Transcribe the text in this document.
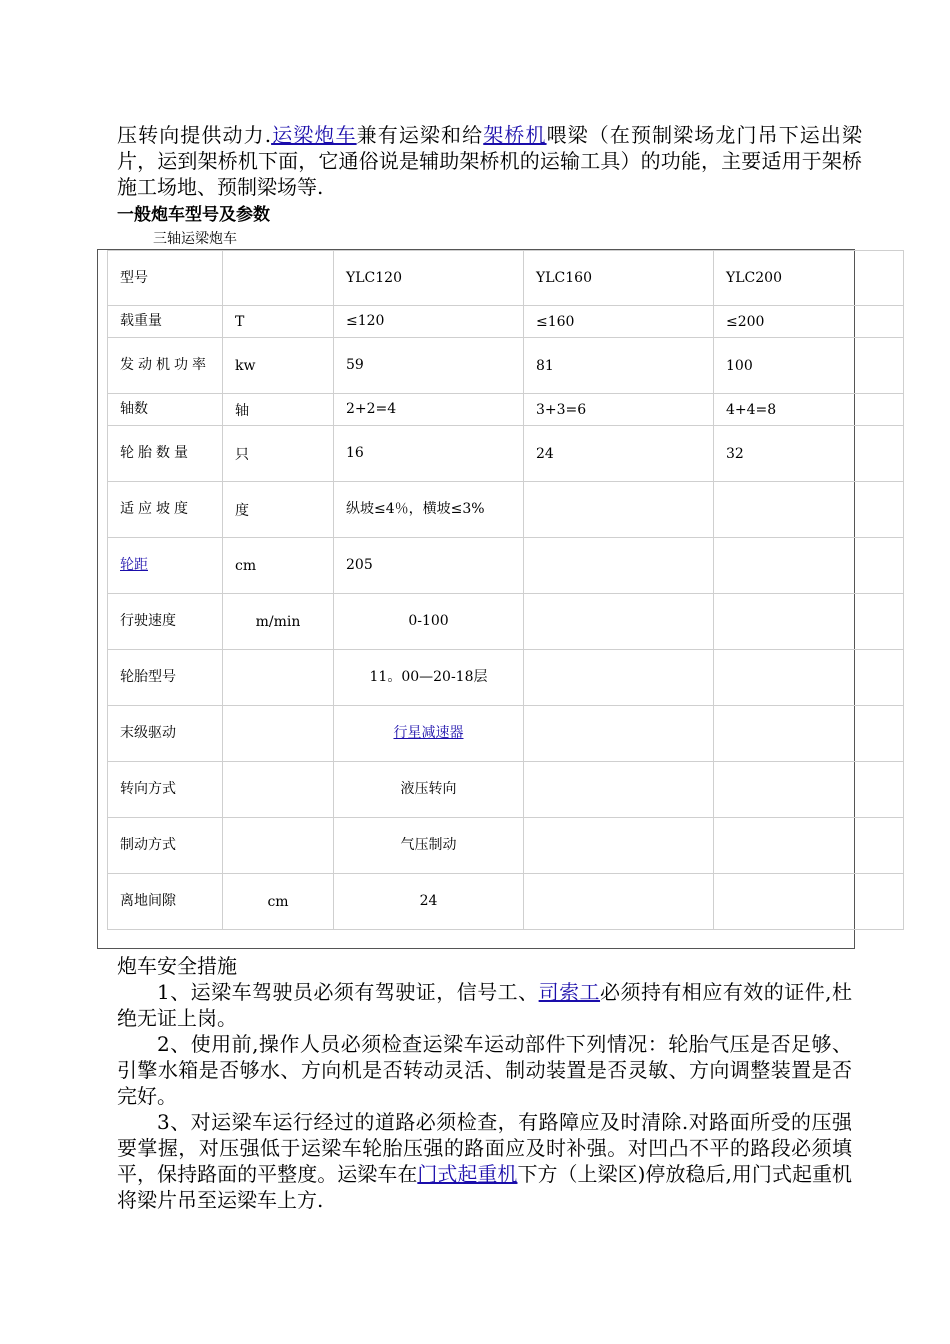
压转向提供动力.运梁炮车兼有运梁和给架桥机喂梁（在预制梁场龙门吊下运出梁片，运到架桥机下面，它通俗说是辅助架桥机的运输工具）的功能，主要适用于架桥施工场地、预制梁场等.

一般炮车型号及参数
三轴运梁炮车
型号		YLC120	YLC160	YLC200
载重量	T	≤120	≤160	≤200
发动机功率	kw	59	81	100
轴数	轴	2+2=4	3+3=6	4+4=8
轮胎数量	只	16	24	32
适应坡度	度	纵坡≤4％，横坡≤3%		
轮距	cm	205		
行驶速度	m/min	0-100		
轮胎型号		11。00—20-18层		
末级驱动		行星减速器		
转向方式		液压转向		
制动方式		气压制动		
离地间隙	cm	24		
炮车安全措施

1、运梁车驾驶员必须有驾驶证，信号工、司索工必须持有相应有效的证件,杜绝无证上岗。

2、使用前,操作人员必须检查运梁车运动部件下列情况：轮胎气压是否足够、引擎水箱是否够水、方向机是否转动灵活、制动装置是否灵敏、方向调整装置是否完好。

3、对运梁车运行经过的道路必须检查，有路障应及时清除.对路面所受的压强要掌握，对压强低于运梁车轮胎压强的路面应及时补强。对凹凸不平的路段必须填平，保持路面的平整度。运梁车在门式起重机下方（上梁区)停放稳后,用门式起重机将梁片吊至运梁车上方.
